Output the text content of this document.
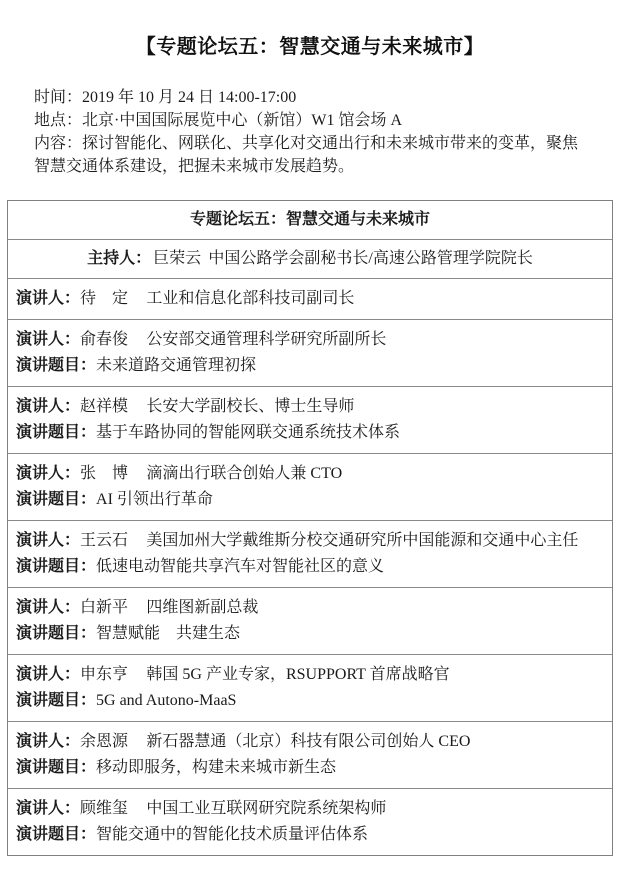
【专题论坛五：智慧交通与未来城市】

时间：2019 年 10 月 24 日 14:00-17:00

地点：北京·中国国际展览中心（新馆）W1 馆会场 A

内容：探讨智能化、网联化、共享化对交通出行和未来城市带来的变革，聚焦智慧交通体系建设，把握未来城市发展趋势。

专题论坛五：智慧交通与未来城市
主持人： 巨荣云 中国公路学会副秘书长/高速公路管理学院院长

演讲人：待　定 工业和信息化部科技司副司长

演讲人：俞春俊 公安部交通管理科学研究所副所长

演讲题目：未来道路交通管理初探

演讲人：赵祥模 长安大学副校长、博士生导师

演讲题目：基于车路协同的智能网联交通系统技术体系

演讲人：张　博 滴滴出行联合创始人兼 CTO

演讲题目：AI 引领出行革命

演讲人：王云石 美国加州大学戴维斯分校交通研究所中国能源和交通中心主任

演讲题目：低速电动智能共享汽车对智能社区的意义

演讲人：白新平 四维图新副总裁

演讲题目：智慧赋能　共建生态

演讲人：申东亨 韩国 5G 产业专家，RSUPPORT 首席战略官

演讲题目：5G and Autono-MaaS

演讲人：余恩源 新石器慧通（北京）科技有限公司创始人 CEO

演讲题目：移动即服务，构建未来城市新生态

演讲人：顾维玺 中国工业互联网研究院系统架构师

演讲题目：智能交通中的智能化技术质量评估体系
